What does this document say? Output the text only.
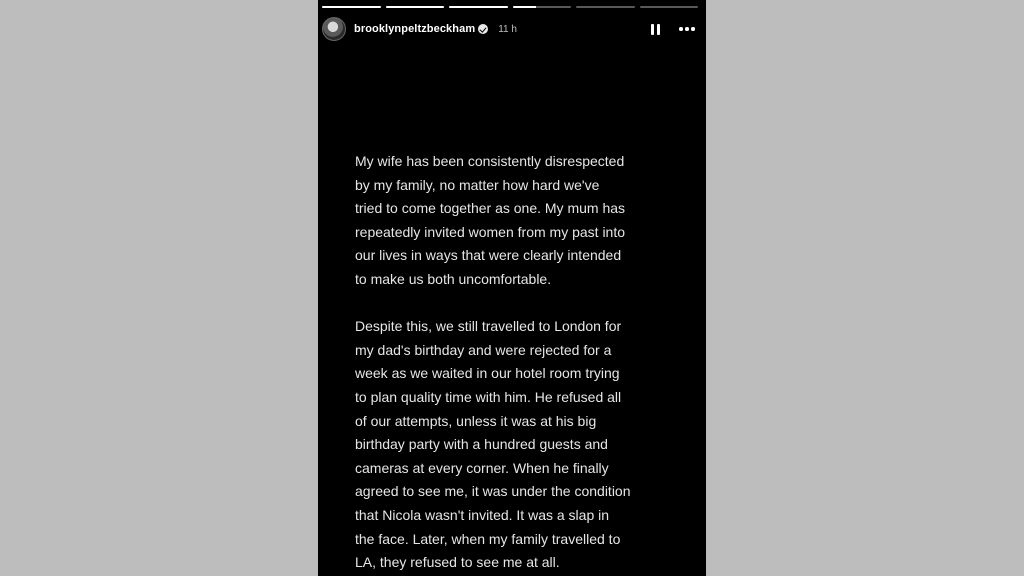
brooklynpeltzbeckham 11 h
My wife has been consistently disrespected
by my family, no matter how hard we've
tried to come together as one. My mum has
repeatedly invited women from my past into
our lives in ways that were clearly intended
to make us both uncomfortable.
Despite this, we still travelled to London for
my dad's birthday and were rejected for a
week as we waited in our hotel room trying
to plan quality time with him. He refused all
of our attempts, unless it was at his big
birthday party with a hundred guests and
cameras at every corner. When he finally
agreed to see me, it was under the condition
that Nicola wasn't invited. It was a slap in
the face. Later, when my family travelled to
LA, they refused to see me at all.
